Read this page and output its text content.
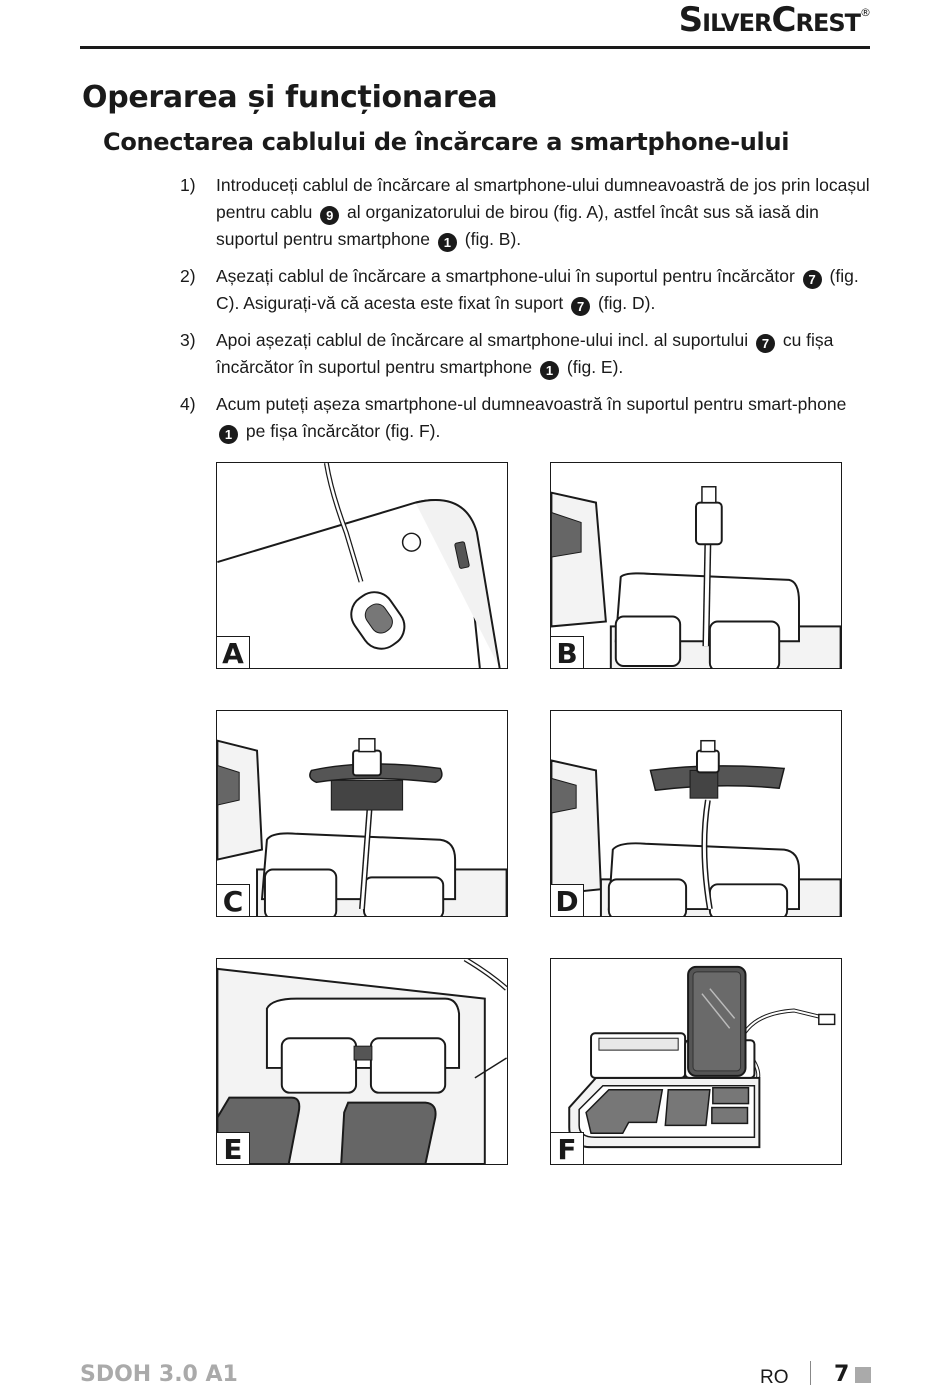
SilverCrest®
Operarea și funcționarea
Conectarea cablului de încărcare a smartphone-ului
1) Introduceți cablul de încărcare al smartphone-ului dumneavoastră de jos prin locașul pentru cablu 9 al organizatorului de birou (fig. A), astfel încât sus să iasă din suportul pentru smartphone 1 (fig. B).
2) Așezați cablul de încărcare a smartphone-ului în suportul pentru încărcător 7 (fig. C). Asigurați-vă că acesta este fixat în suport 7 (fig. D).
3) Apoi așezați cablul de încărcare al smartphone-ului incl. al suportului 7 cu fișa încărcător în suportul pentru smartphone 1 (fig. E).
4) Acum puteți așeza smartphone-ul dumneavoastră în suportul pentru smart-phone 1 pe fișa încărcător (fig. F).
A	B
C	D
E	F
SDOH 3.0 A1	RO 7
